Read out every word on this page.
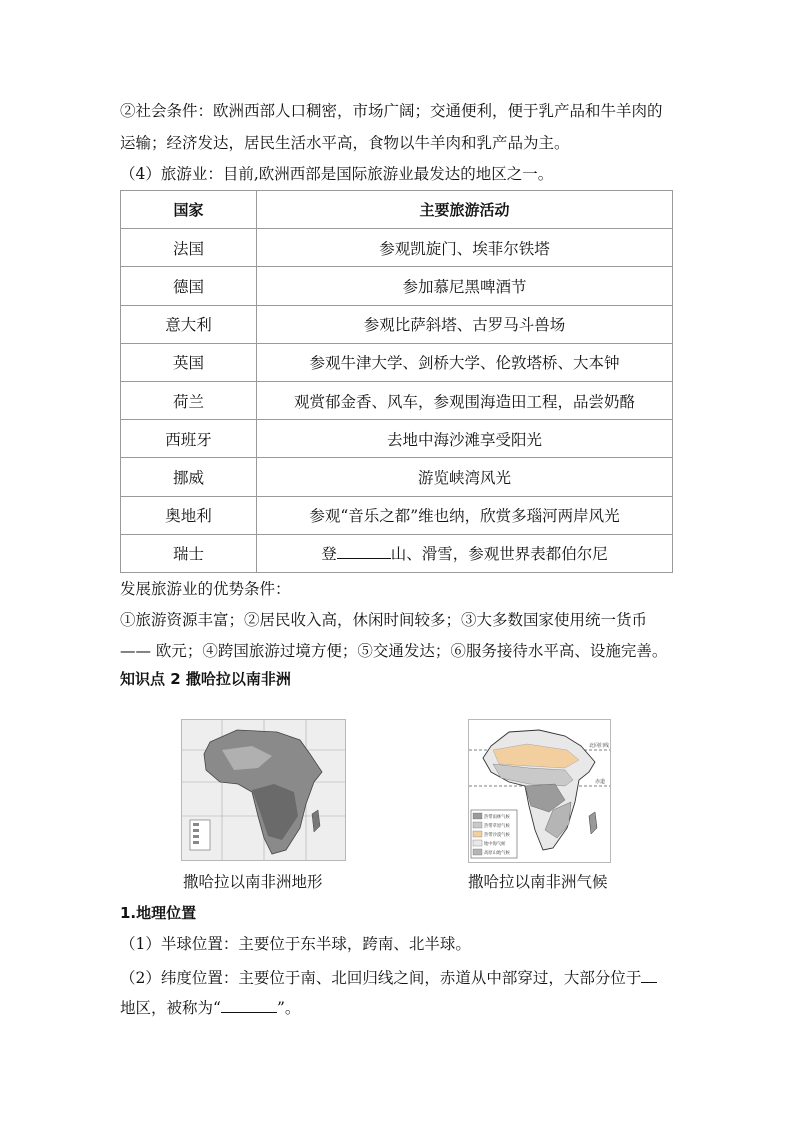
②社会条件：欧洲西部人口稠密，市场广阔；交通便利，便于乳产品和牛羊肉的
运输；经济发达，居民生活水平高，食物以牛羊肉和乳产品为主。
（4）旅游业：目前,欧洲西部是国际旅游业最发达的地区之一。
国家	主要旅游活动
法国	参观凯旋门、埃菲尔铁塔
德国	参加慕尼黑啤酒节
意大利	参观比萨斜塔、古罗马斗兽场
英国	参观牛津大学、剑桥大学、伦敦塔桥、大本钟
荷兰	观赏郁金香、风车，参观围海造田工程，品尝奶酪
西班牙	去地中海沙滩享受阳光
挪威	游览峡湾风光
奥地利	参观“音乐之都”维也纳，欣赏多瑙河两岸风光
瑞士	登 山、滑雪，参观世界表都伯尔尼
发展旅游业的优势条件：
①旅游资源丰富；②居民收入高，休闲时间较多；③大多数国家使用统一货币
—— 欧元；④跨国旅游过境方便；⑤交通发达；⑥服务接待水平高、设施完善。
知识点 2 撒哈拉以南非洲
撒哈拉以南非洲地形
北回归线
赤道
热带雨林气候
热带草原气候
热带沙漠气候
地中海气候
高原山地气候
撒哈拉以南非洲气候
1.地理位置
（1）半球位置：主要位于东半球，跨南、北半球。
（2）纬度位置：主要位于南、北回归线之间，赤道从中部穿过，大部分位于
地区，被称为“	”。
